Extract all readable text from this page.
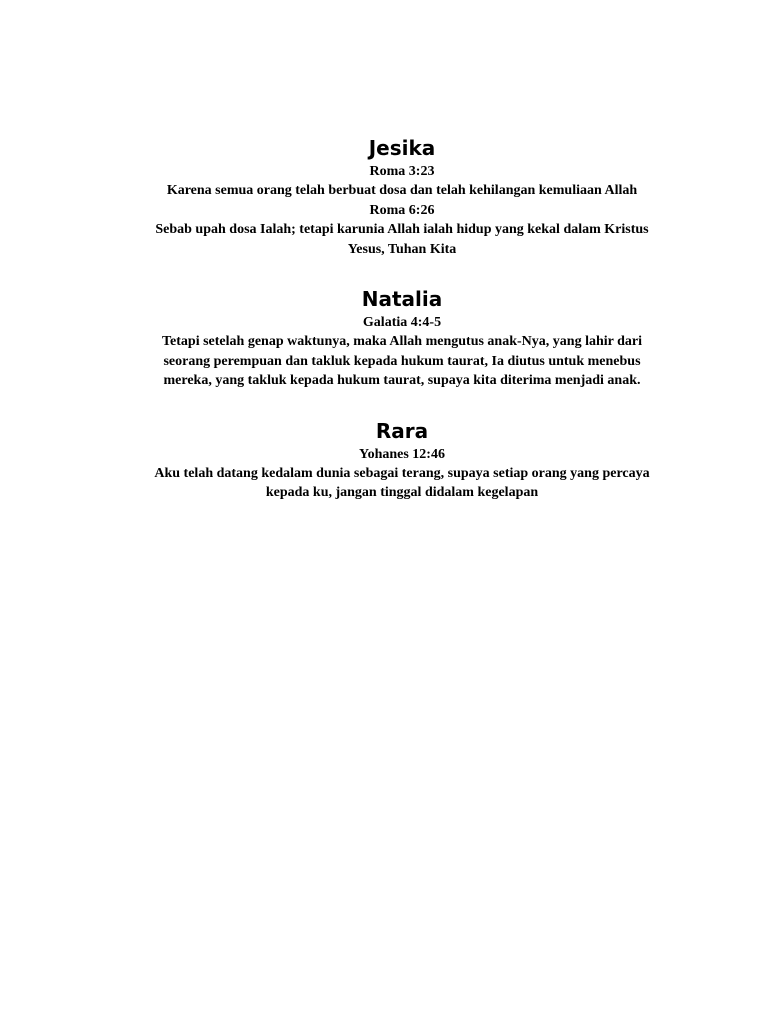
Jesika

Roma 3:23

Karena semua orang telah berbuat dosa dan telah kehilangan kemuliaan Allah

Roma 6:26

Sebab upah dosa Ialah; tetapi karunia Allah ialah hidup yang kekal dalam Kristus Yesus, Tuhan Kita

Natalia

Galatia 4:4-5

Tetapi setelah genap waktunya, maka Allah mengutus anak-Nya, yang lahir dari seorang perempuan dan takluk kepada hukum taurat, Ia diutus untuk menebus mereka, yang takluk kepada hukum taurat, supaya kita diterima menjadi anak.

Rara

Yohanes 12:46

Aku telah datang kedalam dunia sebagai terang, supaya setiap orang yang percaya kepada ku, jangan tinggal didalam kegelapan
